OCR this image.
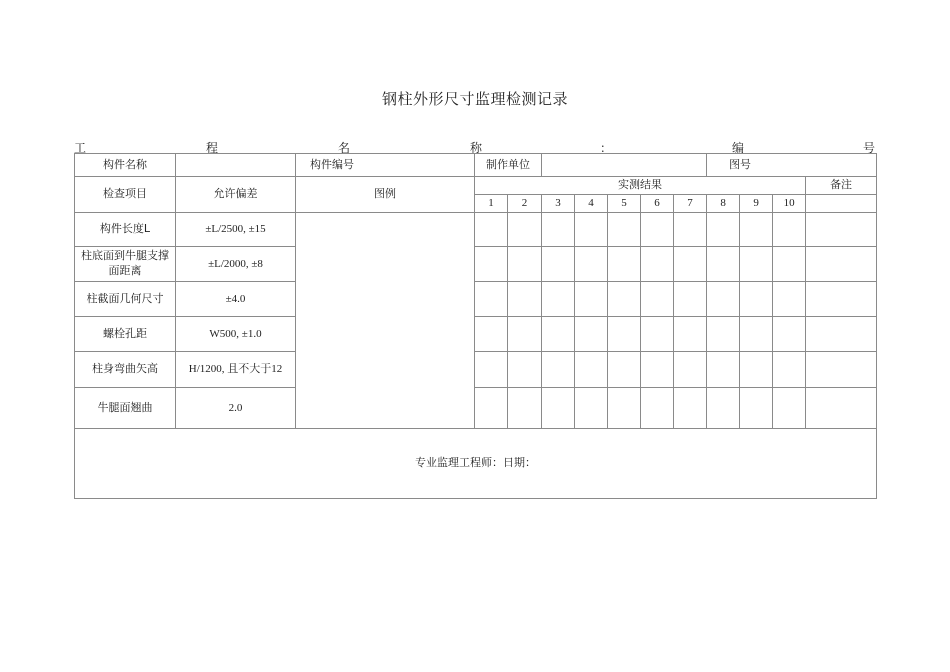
钢柱外形尺寸监理检测记录
工	程	名	称	：	编	号
构件名称		构件编号	制作单位							图号			
检查项目	允许偏差	图例	实测结果										备注
			1	2	3	4	5	6	7	8	9	10	
构件长度L	±L/2500, ±15												
柱底面到牛腿支撑面距离	±L/2000, ±8												
柱截面几何尺寸	±4.0												
螺栓孔距	W500, ±1.0												
柱身弯曲矢高	H/1200, 且不大于12												
牛腿面翘曲	2.0												
专业监理工程师：日期：													
